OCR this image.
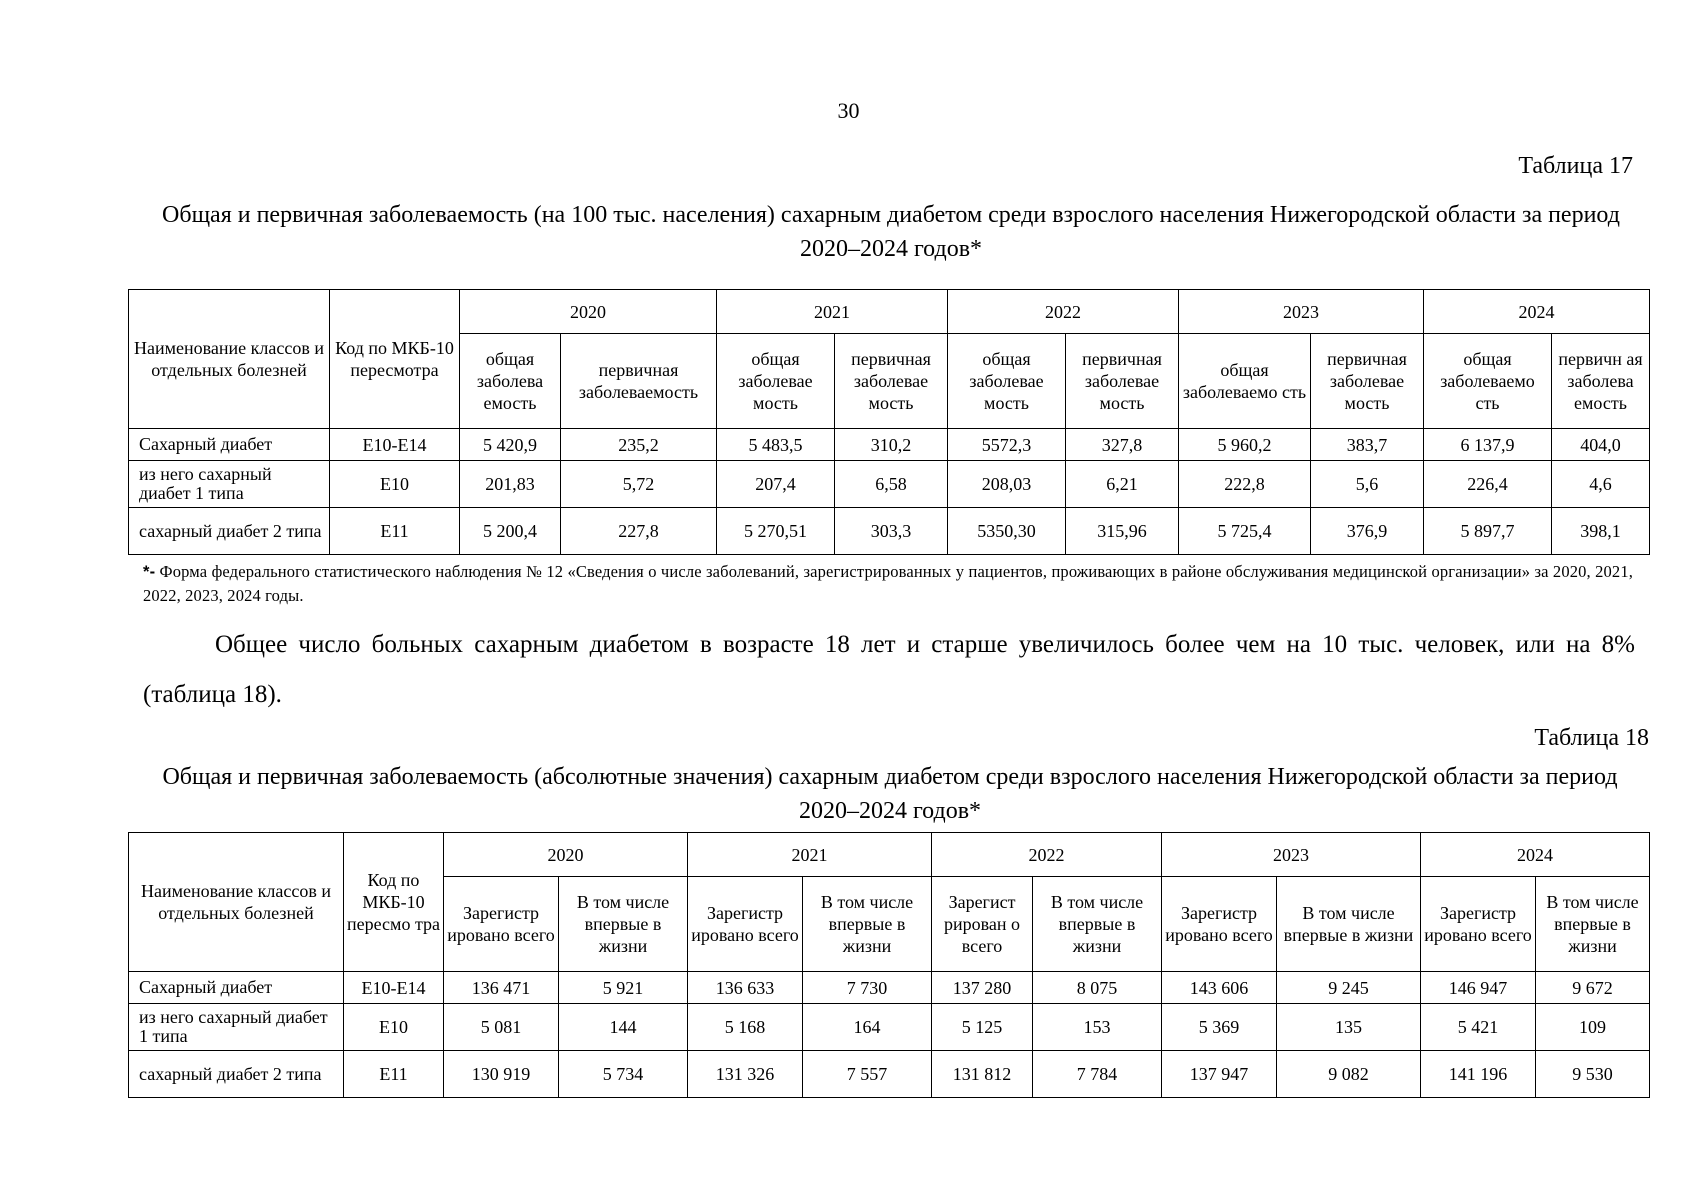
30
Таблица 17
Общая и первичная заболеваемость (на 100 тыс. населения) сахарным диабетом среди взрослого населения Нижегородской области за период 2020–2024 годов*
Наименование классов и отдельных болезней	Код по МКБ-10 пересмотра	2020		2021		2022		2023		2024	
		общая заболева емость	первичная заболеваемость	общая заболевае мость	первичная заболевае мость	общая заболевае мость	первичная заболевае мость	общая заболеваемо сть	первичная заболевае мость	общая заболеваемо сть	первичн ая заболева емость
Сахарный диабет	Е10-Е14	5 420,9	235,2	5 483,5	310,2	5572,3	327,8	5 960,2	383,7	6 137,9	404,0
из него сахарный диабет 1 типа	Е10	201,83	5,72	207,4	6,58	208,03	6,21	222,8	5,6	226,4	4,6
сахарный диабет 2 типа	Е11	5 200,4	227,8	5 270,51	303,3	5350,30	315,96	5 725,4	376,9	5 897,7	398,1
*- Форма федерального статистического наблюдения № 12 «Сведения о числе заболеваний, зарегистрированных у пациентов, проживающих в районе обслуживания медицинской организации» за 2020, 2021, 2022, 2023, 2024 годы.
Общее число больных сахарным диабетом в возрасте 18 лет и старше увеличилось более чем на 10 тыс. человек, или на 8% (таблица 18).
Таблица 18
Общая и первичная заболеваемость (абсолютные значения) сахарным диабетом среди взрослого населения Нижегородской области за период 2020–2024 годов*
Наименование классов и отдельных болезней	Код по МКБ-10 пересмо тра	2020		2021		2022		2023		2024	
		Зарегистр ировано всего	В том числе впервые в жизни	Зарегистр ировано всего	В том числе впервые в жизни	Зарегист рирован о всего	В том числе впервые в жизни	Зарегистр ировано всего	В том числе впервые в жизни	Зарегистр ировано всего	В том числе впервые в жизни
Сахарный диабет	Е10-Е14	136 471	5 921	136 633	7 730	137 280	8 075	143 606	9 245	146 947	9 672
из него сахарный диабет 1 типа	Е10	5 081	144	5 168	164	5 125	153	5 369	135	5 421	109
сахарный диабет 2 типа	Е11	130 919	5 734	131 326	7 557	131 812	7 784	137 947	9 082	141 196	9 530
